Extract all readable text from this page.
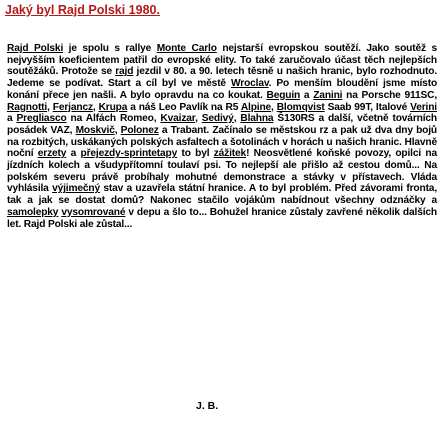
Jaký byl Rajd Polski 1980.

Rajd Polski je spolu s rallye Monte Carlo nejstarší evropskou soutěží. Jako soutěž s nejvyšším koeficientem patřil do evropské elity. To také zaručovalo účast těch nejlepších soutěžáků. Protože se rajd jezdil v 80. a 90. letech těsně u našich hranic, bylo rozhodnuto. Jedeme se podívat. Start a cíl byl ve městě Wroclav. Po menším bloudění jsme místo konání přece jen našli. A bylo opravdu na co koukat. Beguin a Zanini na Porsche 911SC, Ragnotti, Ferjancz, Krupa a náš Leo Pavlík na R5 Alpine, Blomqvist Saab 99T, Italové Verini a Pregliasco na Alfách Romeo, Kvaizar, Sedivý, Blahna Š130RS a další, včetně továrních posádek VAZ, Moskvič, Polonez a Trabant. Začínalo se městskou rz a pak už dva dny bojů na rozbitých, uskákaných polských asfaltech a šotolinách v horách u našich hranic. Hlavně noční erzety a přejezdy-sprintetapy to byl zážitek! Neosvětlené koňské povozy, opilci na jízdních kolech a všudypřítomní toulaví psi. To nejlepší ale přišlo až cestou domů... Na polském severu právě probíhaly mohutné demonstrace a stávky v přístavech. Vláda vyhlásila výjimečný stav a uzavřela státní hranice. A to byl problém. Před závorami fronta, tak a jak se dostat domů? Nakonec stačilo vojákům nabídnout všechny odznáčky a samolepky vysomrované v depu a šlo to... Bohužel hranice zůstaly zavřené několik dalších let. Rajd Polski ale zůstal...

J. B.
